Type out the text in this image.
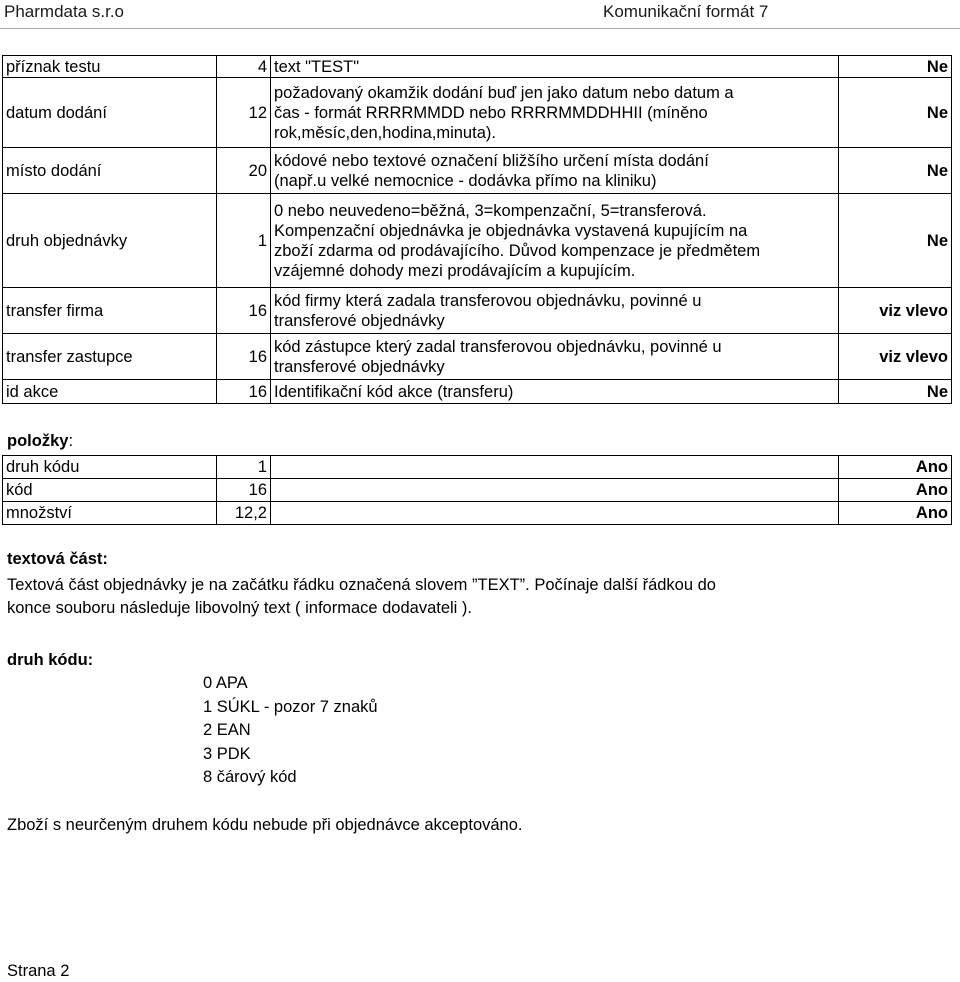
Pharmdata s.r.o	Komunikační formát 7
příznak testu	4	text "TEST"	Ne
datum dodání	12	požadovaný okamžik dodání buď jen jako datum nebo datum a
čas - formát RRRRMMDD nebo RRRRMMDDHHII (míněno
rok,měsíc,den,hodina,minuta).	Ne
místo dodání	20	kódové nebo textové označení bližšího určení místa dodání
(např.u velké nemocnice - dodávka přímo na kliniku)	Ne
druh objednávky	1	0 nebo neuvedeno=běžná, 3=kompenzační, 5=transferová.
Kompenzační objednávka je objednávka vystavená kupujícím na
zboží zdarma od prodávajícího. Důvod kompenzace je předmětem
vzájemné dohody mezi prodávajícím a kupujícím.	Ne
transfer firma	16	kód firmy která zadala transferovou objednávku, povinné u
transferové objednávky	viz vlevo
transfer zastupce	16	kód zástupce který zadal transferovou objednávku, povinné u
transferové objednávky	viz vlevo
id akce	16	Identifikační kód akce (transferu)	Ne
položky:
druh kódu	1		Ano
kód	16		Ano
množství	12,2		Ano
textová část:
Textová část objednávky je na začátku řádku označená slovem ”TEXT”. Počínaje další řádkou do
konce souboru následuje libovolný text ( informace dodavateli ).
druh kódu:
0 APA
1 SÚKL - pozor 7 znaků
2 EAN
3 PDK
8 čárový kód
Zboží s neurčeným druhem kódu nebude při objednávce akceptováno.
Strana 2
